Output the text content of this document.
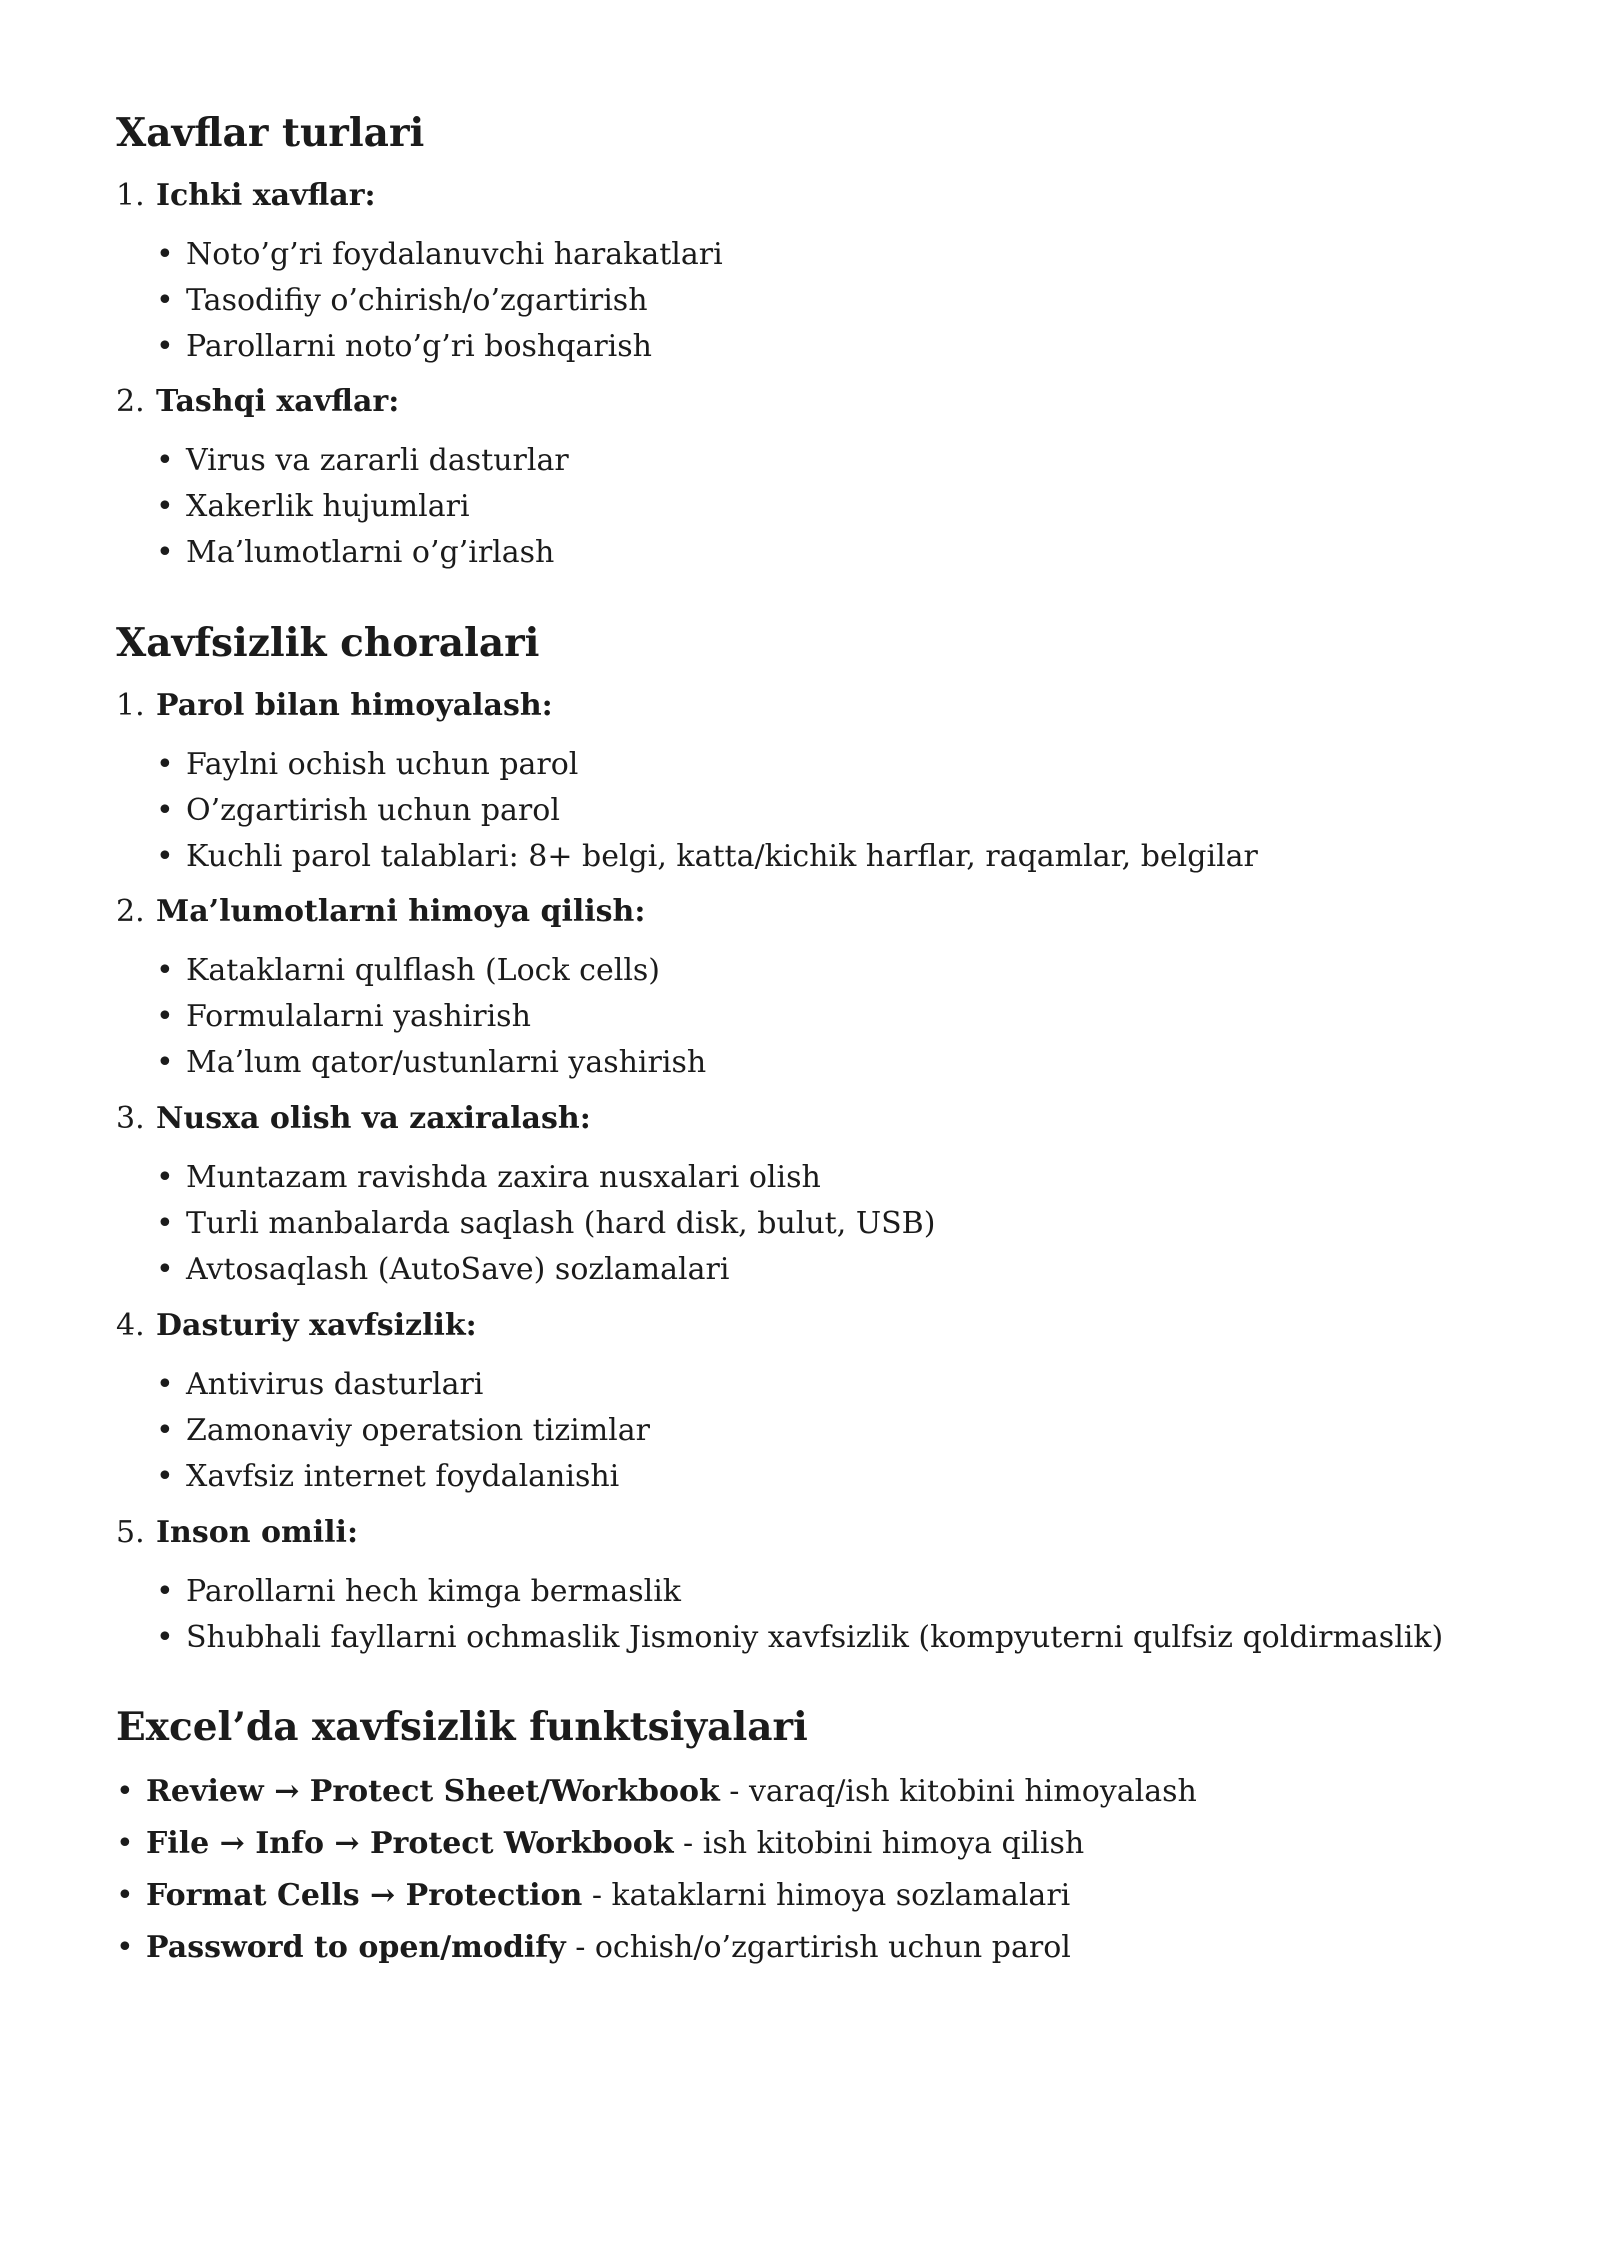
Xavflar turlari
1. Ichki xavflar:
• Noto’g’ri foydalanuvchi harakatlari
• Tasodifiy o’chirish/o’zgartirish
• Parollarni noto’g’ri boshqarish
2. Tashqi xavflar:
• Virus va zararli dasturlar
• Xakerlik hujumlari
• Ma’lumotlarni o’g’irlash
Xavfsizlik choralari
1. Parol bilan himoyalash:
• Faylni ochish uchun parol
• O’zgartirish uchun parol
• Kuchli parol talablari: 8+ belgi, katta/kichik harflar, raqamlar, belgilar
2. Ma’lumotlarni himoya qilish:
• Kataklarni qulflash (Lock cells)
• Formulalarni yashirish
• Ma’lum qator/ustunlarni yashirish
3. Nusxa olish va zaxiralash:
• Muntazam ravishda zaxira nusxalari olish
• Turli manbalarda saqlash (hard disk, bulut, USB)
• Avtosaqlash (AutoSave) sozlamalari
4. Dasturiy xavfsizlik:
• Antivirus dasturlari
• Zamonaviy operatsion tizimlar
• Xavfsiz internet foydalanishi
5. Inson omili:
• Parollarni hech kimga bermaslik
• Shubhali fayllarni ochmaslik Jismoniy xavfsizlik (kompyuterni qulfsiz qoldirmaslik)
Excel’da xavfsizlik funktsiyalari
• Review → Protect Sheet/Workbook - varaq/ish kitobini himoyalash
• File → Info → Protect Workbook - ish kitobini himoya qilish
• Format Cells → Protection - kataklarni himoya sozlamalari
• Password to open/modify - ochish/o’zgartirish uchun parol
